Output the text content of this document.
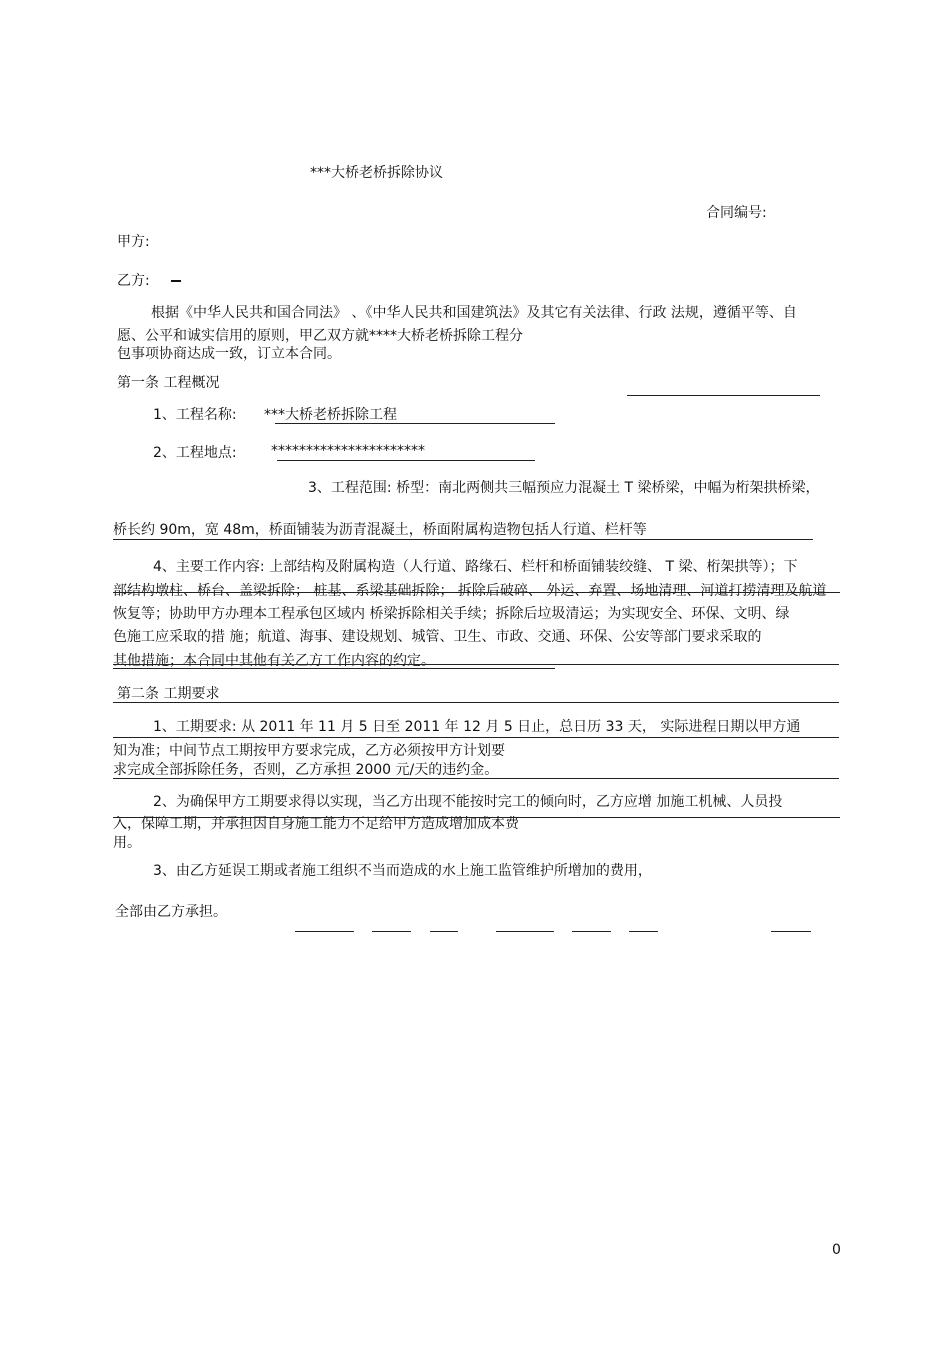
***大桥老桥拆除协议
合同编号:
甲方:
乙方:
根据《中华人民共和国合同法》 、《中华人民共和国建筑法》及其它有关法律、行政 法规，遵循平等、自
愿、公平和诚实信用的原则，甲乙双方就****大桥老桥拆除工程分
包事项协商达成一致，订立本合同。
第一条 工程概况
1、工程名称: ***大桥老桥拆除工程
2、工程地点: **********************
3、工程范围: 桥型：南北两侧共三幅预应力混凝土 T 梁桥梁，中幅为桁架拱桥梁，
桥长约 90m，宽 48m，桥面铺装为沥青混凝土，桥面附属构造物包括人行道、栏杆等
4、主要工作内容: 上部结构及附属构造（人行道、路缘石、栏杆和桥面铺装绞缝、 T 梁、桁架拱等）；下
部结构墩柱、桥台、盖梁拆除； 桩基、系梁基础拆除； 拆除后破碎、 外运、弃置、场地清理、河道打捞清理及航道
恢复等；协助甲方办理本工程承包区域内 桥梁拆除相关手续；拆除后垃圾清运；为实现安全、环保、文明、绿
色施工应采取的措 施；航道、海事、建设规划、城管、卫生、市政、交通、环保、公安等部门要求采取的
其他措施；本合同中其他有关乙方工作内容的约定。
第二条 工期要求
1、工期要求: 从 2011 年 11 月 5 日至 2011 年 12 月 5 日止，总日历 33 天， 实际进程日期以甲方通
知为准；中间节点工期按甲方要求完成，乙方必须按甲方计划要
求完成全部拆除任务，否则，乙方承担 2000 元/天的违约金。
2、为确保甲方工期要求得以实现，当乙方出现不能按时完工的倾向时，乙方应增 加施工机械、人员投
入，保障工期，并承担因自身施工能力不足给甲方造成增加成本费
用。
3、由乙方延误工期或者施工组织不当而造成的水上施工监管维护所增加的费用，
全部由乙方承担。
0
